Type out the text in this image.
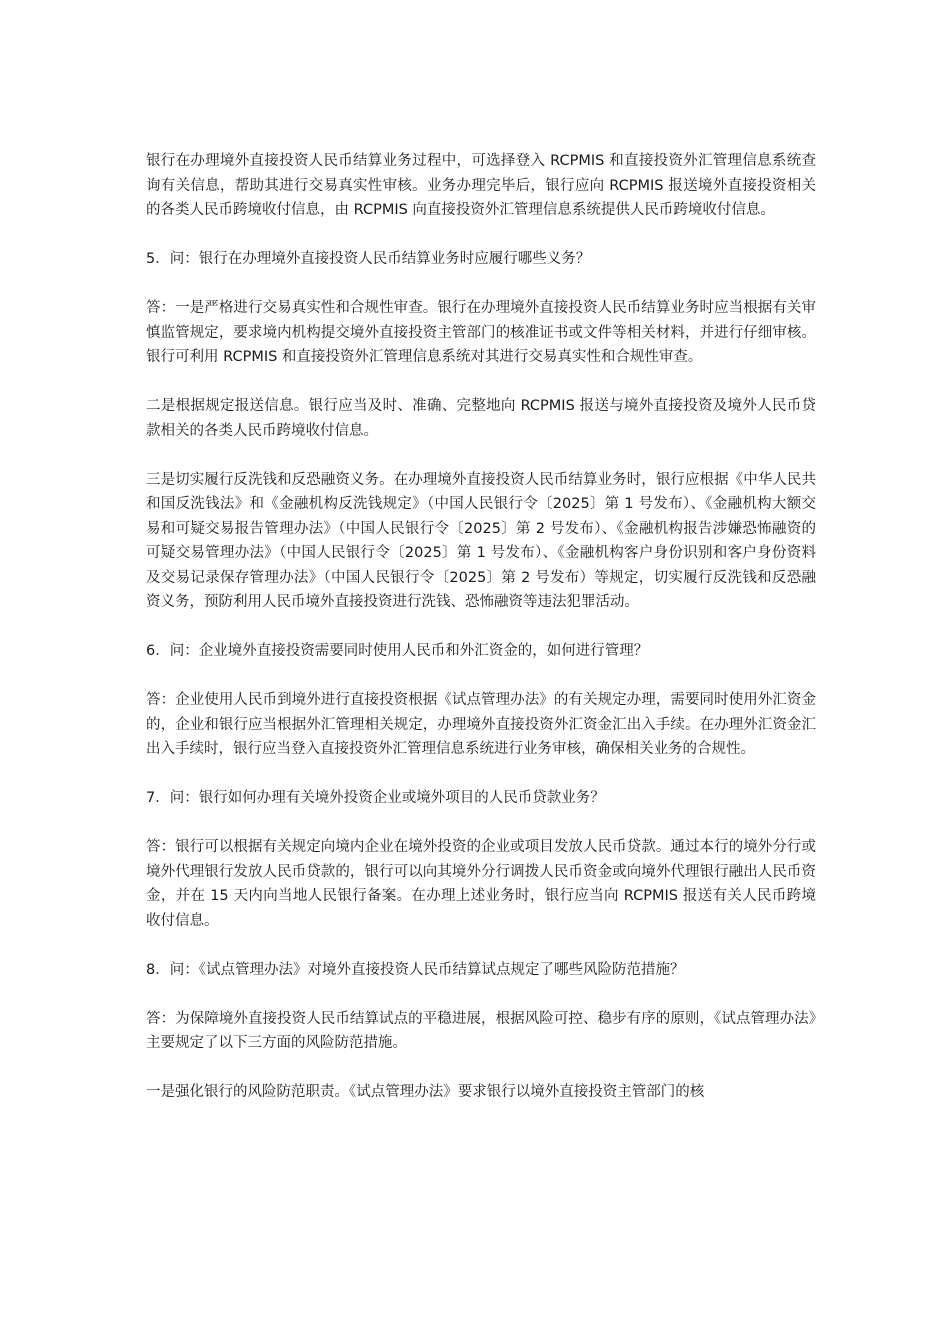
银行在办理境外直接投资人民币结算业务过程中，可选择登入 RCPMIS 和直接投资外汇管理信息系统查询有关信息，帮助其进行交易真实性审核。业务办理完毕后，银行应向 RCPMIS 报送境外直接投资相关的各类人民币跨境收付信息，由 RCPMIS 向直接投资外汇管理信息系统提供人民币跨境收付信息。

5．问：银行在办理境外直接投资人民币结算业务时应履行哪些义务？

答：一是严格进行交易真实性和合规性审查。银行在办理境外直接投资人民币结算业务时应当根据有关审慎监管规定，要求境内机构提交境外直接投资主管部门的核准证书或文件等相关材料，并进行仔细审核。银行可利用 RCPMIS 和直接投资外汇管理信息系统对其进行交易真实性和合规性审查。

二是根据规定报送信息。银行应当及时、准确、完整地向 RCPMIS 报送与境外直接投资及境外人民币贷款相关的各类人民币跨境收付信息。

三是切实履行反洗钱和反恐融资义务。在办理境外直接投资人民币结算业务时，银行应根据《中华人民共和国反洗钱法》和《金融机构反洗钱规定》（中国人民银行令〔2025〕第 1 号发布）、《金融机构大额交易和可疑交易报告管理办法》（中国人民银行令〔2025〕第 2 号发布）、《金融机构报告涉嫌恐怖融资的可疑交易管理办法》（中国人民银行令〔2025〕第 1 号发布）、《金融机构客户身份识别和客户身份资料及交易记录保存管理办法》（中国人民银行令〔2025〕第 2 号发布）等规定，切实履行反洗钱和反恐融资义务，预防利用人民币境外直接投资进行洗钱、恐怖融资等违法犯罪活动。

6．问：企业境外直接投资需要同时使用人民币和外汇资金的，如何进行管理？

答：企业使用人民币到境外进行直接投资根据《试点管理办法》的有关规定办理，需要同时使用外汇资金的，企业和银行应当根据外汇管理相关规定，办理境外直接投资外汇资金汇出入手续。在办理外汇资金汇出入手续时，银行应当登入直接投资外汇管理信息系统进行业务审核，确保相关业务的合规性。

7．问：银行如何办理有关境外投资企业或境外项目的人民币贷款业务？

答：银行可以根据有关规定向境内企业在境外投资的企业或项目发放人民币贷款。通过本行的境外分行或境外代理银行发放人民币贷款的，银行可以向其境外分行调拨人民币资金或向境外代理银行融出人民币资金，并在 15 天内向当地人民银行备案。在办理上述业务时，银行应当向 RCPMIS 报送有关人民币跨境收付信息。

8．问：《试点管理办法》对境外直接投资人民币结算试点规定了哪些风险防范措施？

答：为保障境外直接投资人民币结算试点的平稳进展，根据风险可控、稳步有序的原则，《试点管理办法》主要规定了以下三方面的风险防范措施。

一是强化银行的风险防范职责。《试点管理办法》要求银行以境外直接投资主管部门的核
